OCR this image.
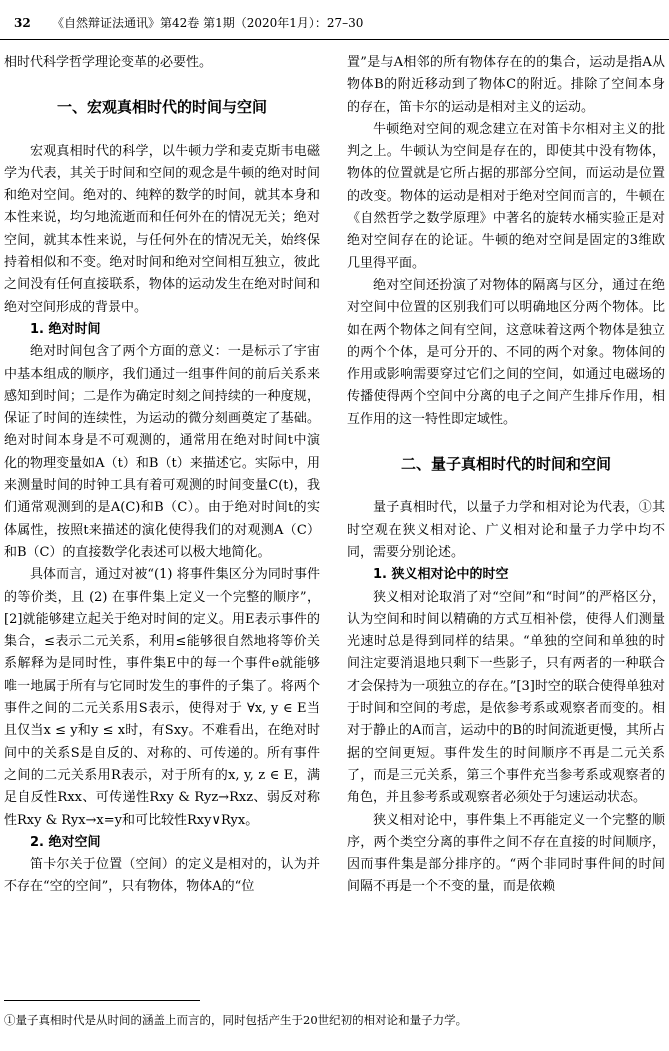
32 《自然辩证法通讯》第42卷 第1期（2020年1月）：27–30

相时代科学哲学理论变革的必要性。

一、宏观真相时代的时间与空间

宏观真相时代的科学，以牛顿力学和麦克斯韦电磁学为代表，其关于时间和空间的观念是牛顿的绝对时间和绝对空间。绝对的、纯粹的数学的时间，就其本身和本性来说，均匀地流逝而和任何外在的情况无关；绝对空间，就其本性来说，与任何外在的情况无关，始终保持着相似和不变。绝对时间和绝对空间相互独立，彼此之间没有任何直接联系，物体的运动发生在绝对时间和绝对空间形成的背景中。

1. 绝对时间

绝对时间包含了两个方面的意义：一是标示了宇宙中基本组成的顺序，我们通过一组事件间的前后关系来感知到时间；二是作为确定时刻之间持续的一种度规，保证了时间的连续性，为运动的微分刻画奠定了基础。绝对时间本身是不可观测的，通常用在绝对时间t中演化的物理变量如A（t）和B（t）来描述它。实际中，用来测量时间的时钟工具有着可观测的时间变量C(t)，我们通常观测到的是A(C)和B（C）。由于绝对时间t的实体属性，按照t来描述的演化使得我们的对观测A（C）和B（C）的直接数学化表述可以极大地简化。

具体而言，通过对被“(1) 将事件集区分为同时事件的等价类，且 (2) 在事件集上定义一个完整的顺序”，[2]就能够建立起关于绝对时间的定义。用E表示事件的集合，≤表示二元关系，利用≤能够很自然地将等价关系解释为是同时性，事件集E中的每一个事件e就能够唯一地属于所有与它同时发生的事件的子集了。将两个事件之间的二元关系用S表示，使得对于 ∀x, y ∈ E当且仅当x ≤ y和y ≤ x时，有Sxy。不难看出，在绝对时间中的关系S是自反的、对称的、可传递的。所有事件之间的二元关系用R表示，对于所有的x, y, z ∈ E，满足自反性Rxx、可传递性Rxy & Ryz→Rxz、弱反对称性Rxy & Ryx→x=y和可比较性Rxy∨Ryx。

2. 绝对空间

笛卡尔关于位置（空间）的定义是相对的，认为并不存在“空的空间”，只有物体，物体A的“位

置”是与A相邻的所有物体存在的的集合，运动是指A从物体B的附近移动到了物体C的附近。排除了空间本身的存在，笛卡尔的运动是相对主义的运动。

牛顿绝对空间的观念建立在对笛卡尔相对主义的批判之上。牛顿认为空间是存在的，即使其中没有物体，物体的位置就是它所占据的那部分空间，而运动是位置的改变。物体的运动是相对于绝对空间而言的，牛顿在《自然哲学之数学原理》中著名的旋转水桶实验正是对绝对空间存在的论证。牛顿的绝对空间是固定的3维欧几里得平面。

绝对空间还扮演了对物体的隔离与区分，通过在绝对空间中位置的区别我们可以明确地区分两个物体。比如在两个物体之间有空间，这意味着这两个物体是独立的两个个体，是可分开的、不同的两个对象。物体间的作用或影响需要穿过它们之间的空间，如通过电磁场的传播使得两个空间中分离的电子之间产生排斥作用，相互作用的这一特性即定域性。

二、量子真相时代的时间和空间

量子真相时代，以量子力学和相对论为代表，①其时空观在狭义相对论、广义相对论和量子力学中均不同，需要分别论述。

1. 狭义相对论中的时空

狭义相对论取消了对“空间”和“时间”的严格区分，认为空间和时间以精确的方式互相补偿，使得人们测量光速时总是得到同样的结果。“单独的空间和单独的时间注定要消退地只剩下一些影子，只有两者的一种联合才会保持为一项独立的存在。”[3]时空的联合使得单独对于时间和空间的考虑，是依参考系或观察者而变的。相对于静止的A而言，运动中的B的时间流逝更慢，其所占据的空间更短。事件发生的时间顺序不再是二元关系了，而是三元关系，第三个事件充当参考系或观察者的角色，并且参考系或观察者必须处于匀速运动状态。

狭义相对论中，事件集上不再能定义一个完整的顺序，两个类空分离的事件之间不存在直接的时间顺序，因而事件集是部分排序的。“两个非同时事件间的时间间隔不再是一个不变的量，而是依赖

①量子真相时代是从时间的涵盖上而言的，同时包括产生于20世纪初的相对论和量子力学。
